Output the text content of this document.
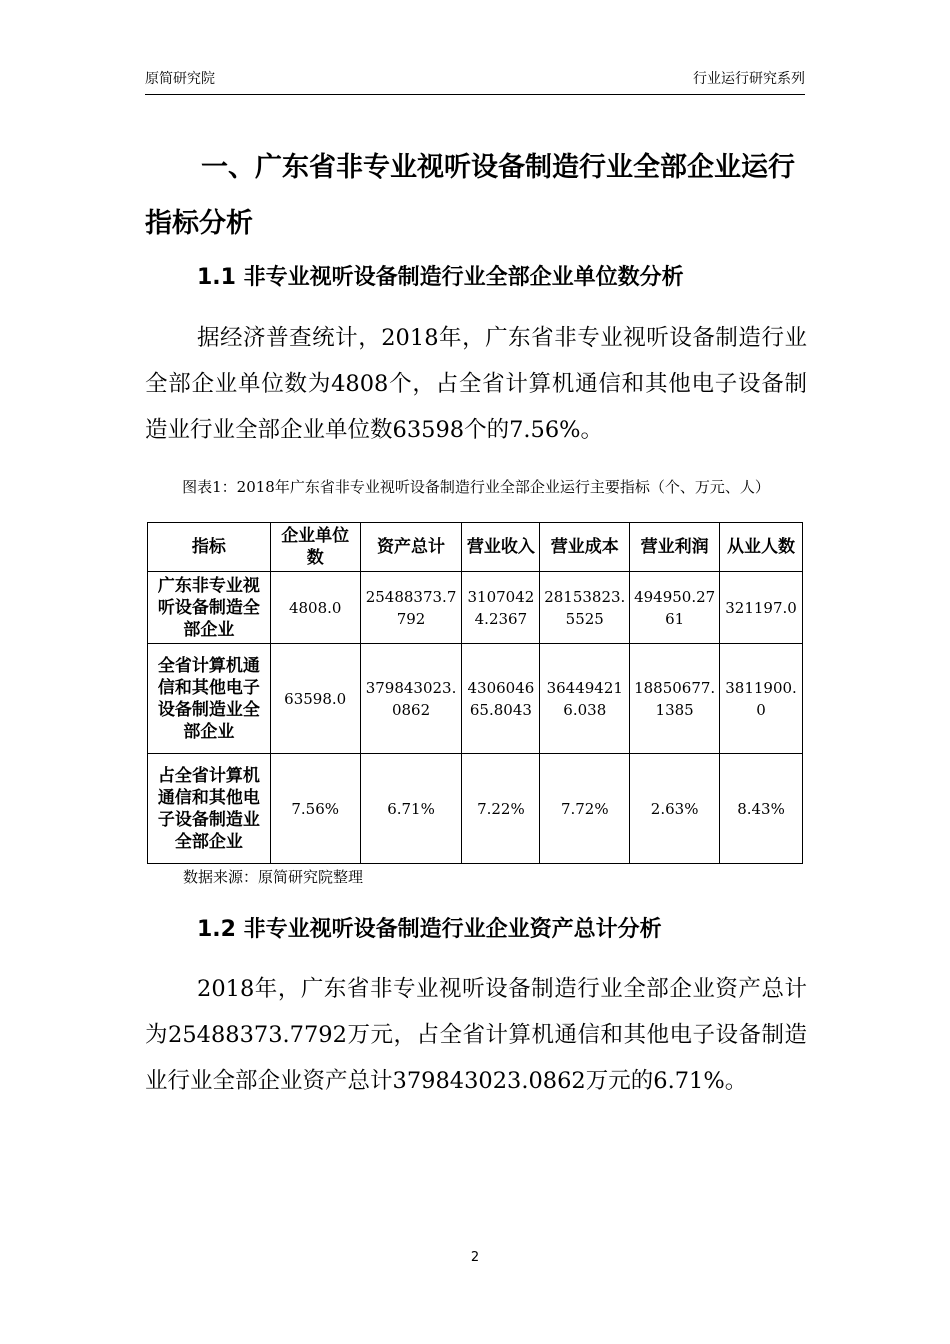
原简研究院	行业运行研究系列
一、广东省非专业视听设备制造行业全部企业运行指标分析
1.1 非专业视听设备制造行业全部企业单位数分析
据经济普查统计，2018年，广东省非专业视听设备制造行业全部企业单位数为4808个，占全省计算机通信和其他电子设备制造业行业全部企业单位数63598个的7.56%。
图表1：2018年广东省非专业视听设备制造行业全部企业运行主要指标（个、万元、人）
指标	企业单位数	资产总计	营业收入	营业成本	营业利润	从业人数
广东非专业视听设备制造全部企业	4808.0	25488373.7792	31070424.2367	28153823.5525	494950.2761	321197.0
全省计算机通信和其他电子设备制造业全部企业	63598.0	379843023.0862	430604665.8043	364494216.038	18850677.1385	3811900.0
占全省计算机通信和其他电子设备制造业全部企业	7.56%	6.71%	7.22%	7.72%	2.63%	8.43%
数据来源：原简研究院整理
1.2 非专业视听设备制造行业企业资产总计分析
2018年，广东省非专业视听设备制造行业全部企业资产总计为25488373.7792万元，占全省计算机通信和其他电子设备制造业行业全部企业资产总计379843023.0862万元的6.71%。
2
